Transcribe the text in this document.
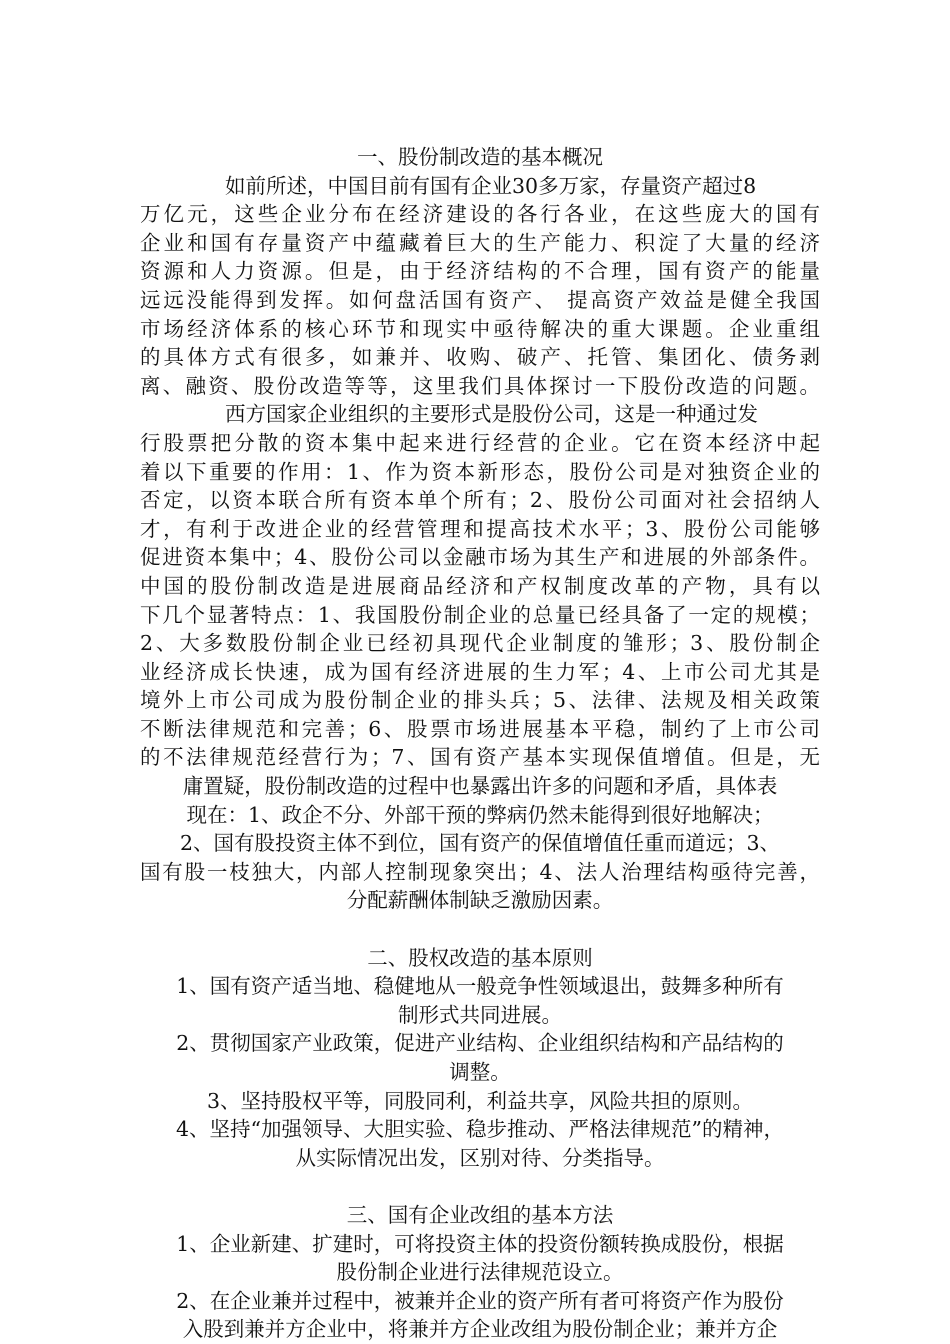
一、股份制改造的基本概况
如前所述，中国目前有国有企业30多万家，存量资产超过8
万亿元，这些企业分布在经济建设的各行各业，在这些庞大的国有
企业和国有存量资产中蕴藏着巨大的生产能力、积淀了大量的经济
资源和人力资源。但是，由于经济结构的不合理，国有资产的能量
远远没能得到发挥。如何盘活国有资产、 提高资产效益是健全我国
市场经济体系的核心环节和现实中亟待解决的重大课题。企业重组
的具体方式有很多，如兼并、收购、破产、托管、集团化、债务剥
离、融资、股份改造等等，这里我们具体探讨一下股份改造的问题。
西方国家企业组织的主要形式是股份公司，这是一种通过发
行股票把分散的资本集中起来进行经营的企业。它在资本经济中起
着以下重要的作用：1、作为资本新形态，股份公司是对独资企业的
否定，以资本联合所有资本单个所有；2、股份公司面对社会招纳人
才，有利于改进企业的经营管理和提高技术水平；3、股份公司能够
促进资本集中；4、股份公司以金融市场为其生产和进展的外部条件。
中国的股份制改造是进展商品经济和产权制度改革的产物，具有以
下几个显著特点：1、我国股份制企业的总量已经具备了一定的规模；
2、大多数股份制企业已经初具现代企业制度的雏形；3、股份制企
业经济成长快速，成为国有经济进展的生力军；4、上市公司尤其是
境外上市公司成为股份制企业的排头兵；5、法律、法规及相关政策
不断法律规范和完善；6、股票市场进展基本平稳，制约了上市公司
的不法律规范经营行为；7、国有资产基本实现保值增值。但是，无
庸置疑，股份制改造的过程中也暴露出许多的问题和矛盾，具体表
现在：1、政企不分、外部干预的弊病仍然未能得到很好地解决；
2、国有股投资主体不到位，国有资产的保值增值任重而道远；3、
国有股一枝独大，内部人控制现象突出；4、法人治理结构亟待完善，
分配薪酬体制缺乏激励因素。
二、股权改造的基本原则
1、国有资产适当地、稳健地从一般竞争性领域退出，鼓舞多种所有
制形式共同进展。
2、贯彻国家产业政策，促进产业结构、企业组织结构和产品结构的
调整。
3、坚持股权平等，同股同利，利益共享，风险共担的原则。
4、坚持“加强领导、大胆实验、稳步推动、严格法律规范”的精神，
从实际情况出发，区别对待、分类指导。
三、国有企业改组的基本方法
1、企业新建、扩建时，可将投资主体的投资份额转换成股份，根据
股份制企业进行法律规范设立。
2、在企业兼并过程中，被兼并企业的资产所有者可将资产作为股份
入股到兼并方企业中，将兼并方企业改组为股份制企业；兼并方企
